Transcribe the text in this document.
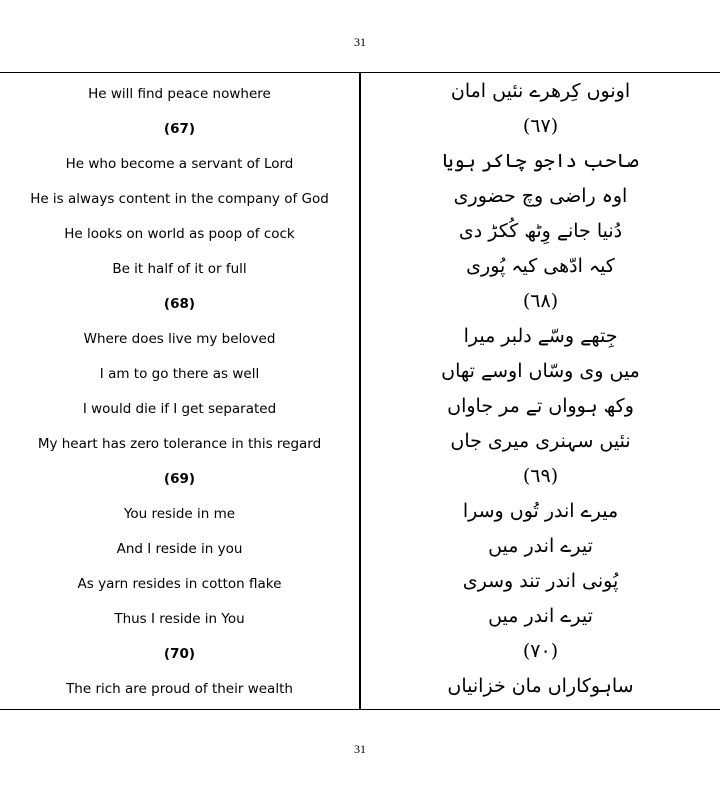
31
He will find peace nowhere	اونوں کِرھرے نئیں امان
(67)	(٦٧)
He who become a servant of Lord	صاحب داجو چاکر ہویا
He is always content in the company of God	اوہ راضی وچ حضوری
He looks on world as poop of cock	دُنیا جانے وِٹھ کُکڑ دی
Be it half of it or full	کیہ ادّھی کیہ پُوری
(68)	(٦٨)
Where does live my beloved	جِتھے وسّے دلبر میرا
I am to go there as well	میں وی وسّاں اوسے تھاں
I would die if I get separated	وکھ ہوواں تے مر جاواں
My heart has zero tolerance in this regard	نئیں سہنری میری جاں
(69)	(٦٩)
You reside in me	میرے اندر تُوں وسرا
And I reside in you	تیرے اندر میں
As yarn resides in cotton flake	پُونی اندر تند وسری
Thus I reside in You	تیرے اندر میں
(70)	(٧٠)
The rich are proud of their wealth	ساہوکاراں مان خزانیاں
31
